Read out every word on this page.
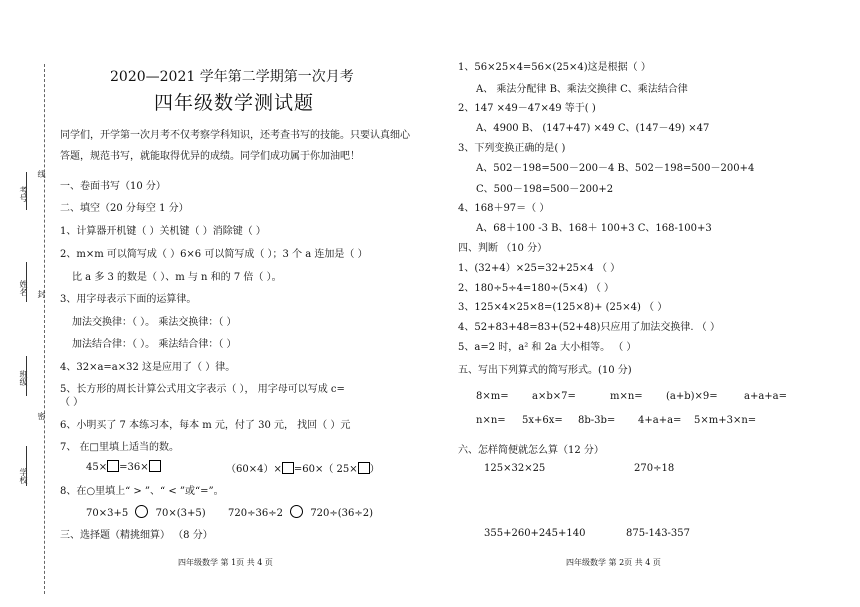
考号
线
姓名 封
班级
密
学校
2020—2021 学年第二学期第一次月考
四年级数学测试题
同学们，开学第一次月考不仅考察学科知识，还考查书写的技能。只要认真细心
答题，规范书写，就能取得优异的成绩。同学们成功属于你加油吧！
一、卷面书写（10 分）
二、填空（20 分每空 1 分）
1、计算器开机键（ ）关机键（ ）消除键（ ）
2、m×m 可以简写成（ ）6×6 可以简写成（ ）；3 个 a 连加是（ ）
比 a 多 3 的数是（ ）、m 与 n 和的 7 倍（ ）。
3、用字母表示下面的运算律。
加法交换律：（ ）。 乘法交换律：（ ）
加法结合律：（ ）。 乘法结合律：（ ）
4、32×a=a×32 这是应用了（ ）律。
5、长方形的周长计算公式用文字表示（ ）， 用字母可以写成 c=
（ ）
6、小明买了 7 本练习本，每本 m 元，付了 30 元， 找回（ ）元
7、 在□里填上适当的数。
45× =36×	（60×4）× =60×（ 25× ）
8、在○里填上“ > ”、“ < ”或“=”。
70×3+5	70×(3+5) 720÷36÷2	720÷(36÷2)
三、选择题（精挑细算） （8 分）
四年级数学 第 1页 共 4 页
1、56×25×4=56×(25×4)这是根据（ ）
A、 乘法分配律 B、乘法交换律 C、乘法结合律
2、147 ×49－47×49 等于( )
A、4900 B、 (147+47) ×49 C、(147－49) ×47
3、下列变换正确的是( )
A、502－198=500－200－4 B、502－198=500－200+4
C、500－198=500－200+2
4、168＋97＝（ ）
A、68＋100 -3 B、168＋ 100+3 C、168-100+3
四、判断 （10 分）
1、(32+4）×25=32+25×4 （ ）
2、180÷5÷4=180÷(5×4) （ ）
3、125×4×25×8=(125×8)+ (25×4) （ ）
4、52+83+48=83+(52+48)只应用了加法交换律. （ ）
5、a=2 时，a² 和 2a 大小相等。 （ ）
五、写出下列算式的简写形式。(10 分)
8×m= a×b×7=	m×n= (a+b)×9=	a+a+a=
n×n= 5x+6x= 8b-3b= 4+a+a= 5×m+3×n=
六、怎样简便就怎么算（12 分）
125×32×25	270÷18
355+260+245+140	875-143-357
四年级数学 第 2页 共 4 页
